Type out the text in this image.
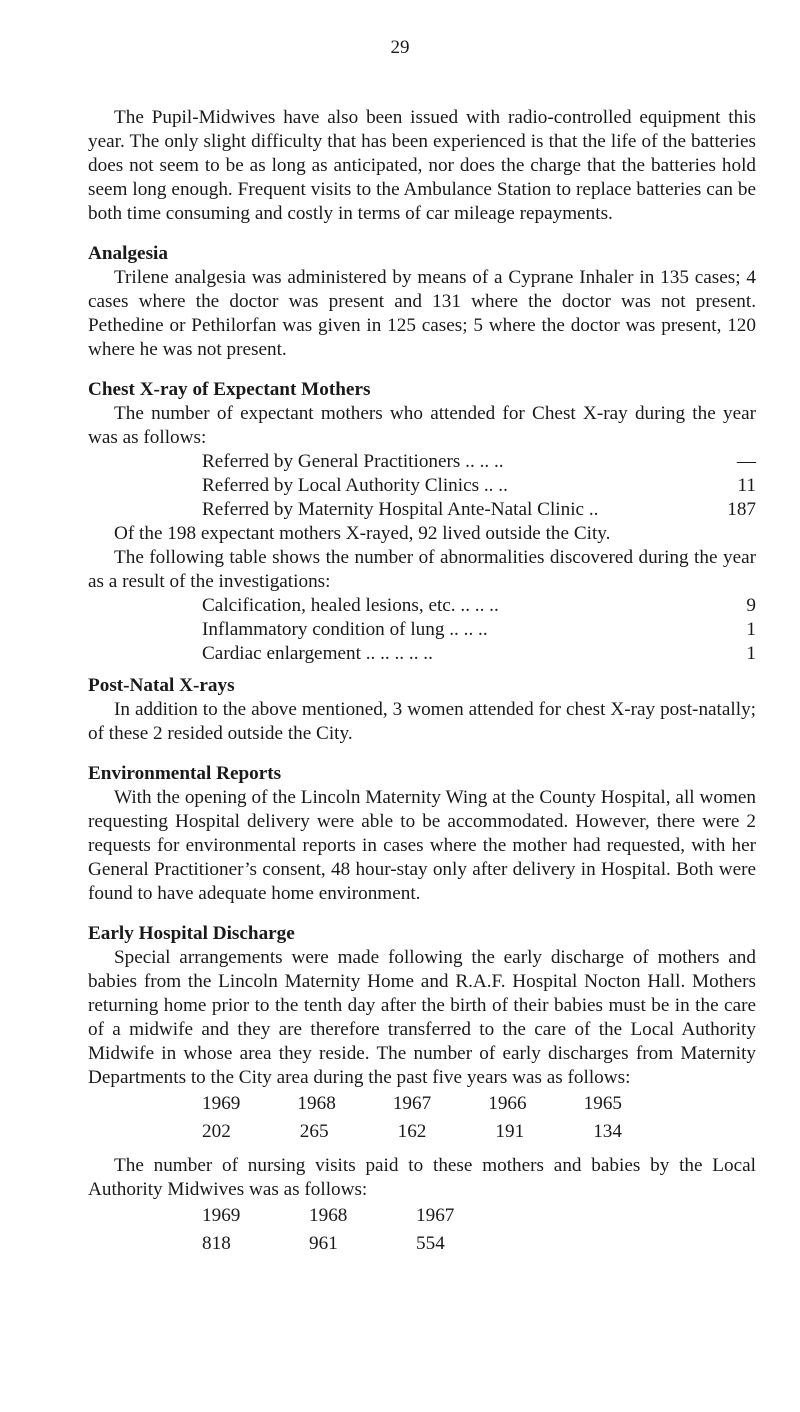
29

The Pupil-Midwives have also been issued with radio-controlled equipment this year. The only slight difficulty that has been experienced is that the life of the batteries does not seem to be as long as anticipated, nor does the charge that the batteries hold seem long enough. Frequent visits to the Ambulance Station to replace batteries can be both time consuming and costly in terms of car mileage repayments.

Analgesia

Trilene analgesia was administered by means of a Cyprane Inhaler in 135 cases; 4 cases where the doctor was present and 131 where the doctor was not present. Pethedine or Pethilorfan was given in 125 cases; 5 where the doctor was present, 120 where he was not present.

Chest X-ray of Expectant Mothers

The number of expectant mothers who attended for Chest X-ray during the year was as follows:

Referred by General Practitioners .. .. ..	—
Referred by Local Authority Clinics .. ..	11
Referred by Maternity Hospital Ante-Natal Clinic ..	187

Of the 198 expectant mothers X-rayed, 92 lived outside the City.

The following table shows the number of abnormalities discovered during the year as a result of the investigations:

Calcification, healed lesions, etc. .. .. ..	9
Inflammatory condition of lung .. .. ..	1
Cardiac enlargement .. .. .. .. ..	1
Post-Natal X-rays

In addition to the above mentioned, 3 women attended for chest X-ray post-natally; of these 2 resided outside the City.

Environmental Reports

With the opening of the Lincoln Maternity Wing at the County Hospital, all women requesting Hospital delivery were able to be accommodated. However, there were 2 requests for environmental reports in cases where the mother had requested, with her General Practitioner’s consent, 48 hour-stay only after delivery in Hospital. Both were found to have adequate home environment.

Early Hospital Discharge

Special arrangements were made following the early discharge of mothers and babies from the Lincoln Maternity Home and R.A.F. Hospital Nocton Hall. Mothers returning home prior to the tenth day after the birth of their babies must be in the care of a midwife and they are therefore transferred to the care of the Local Authority Midwife in whose area they reside. The number of early discharges from Maternity Departments to the City area during the past five years was as follows:

1969	1968	1967	1966	1965
202	265	162	191	134

The number of nursing visits paid to these mothers and babies by the Local Authority Midwives was as follows:

1969	1968	1967
818	961	554
